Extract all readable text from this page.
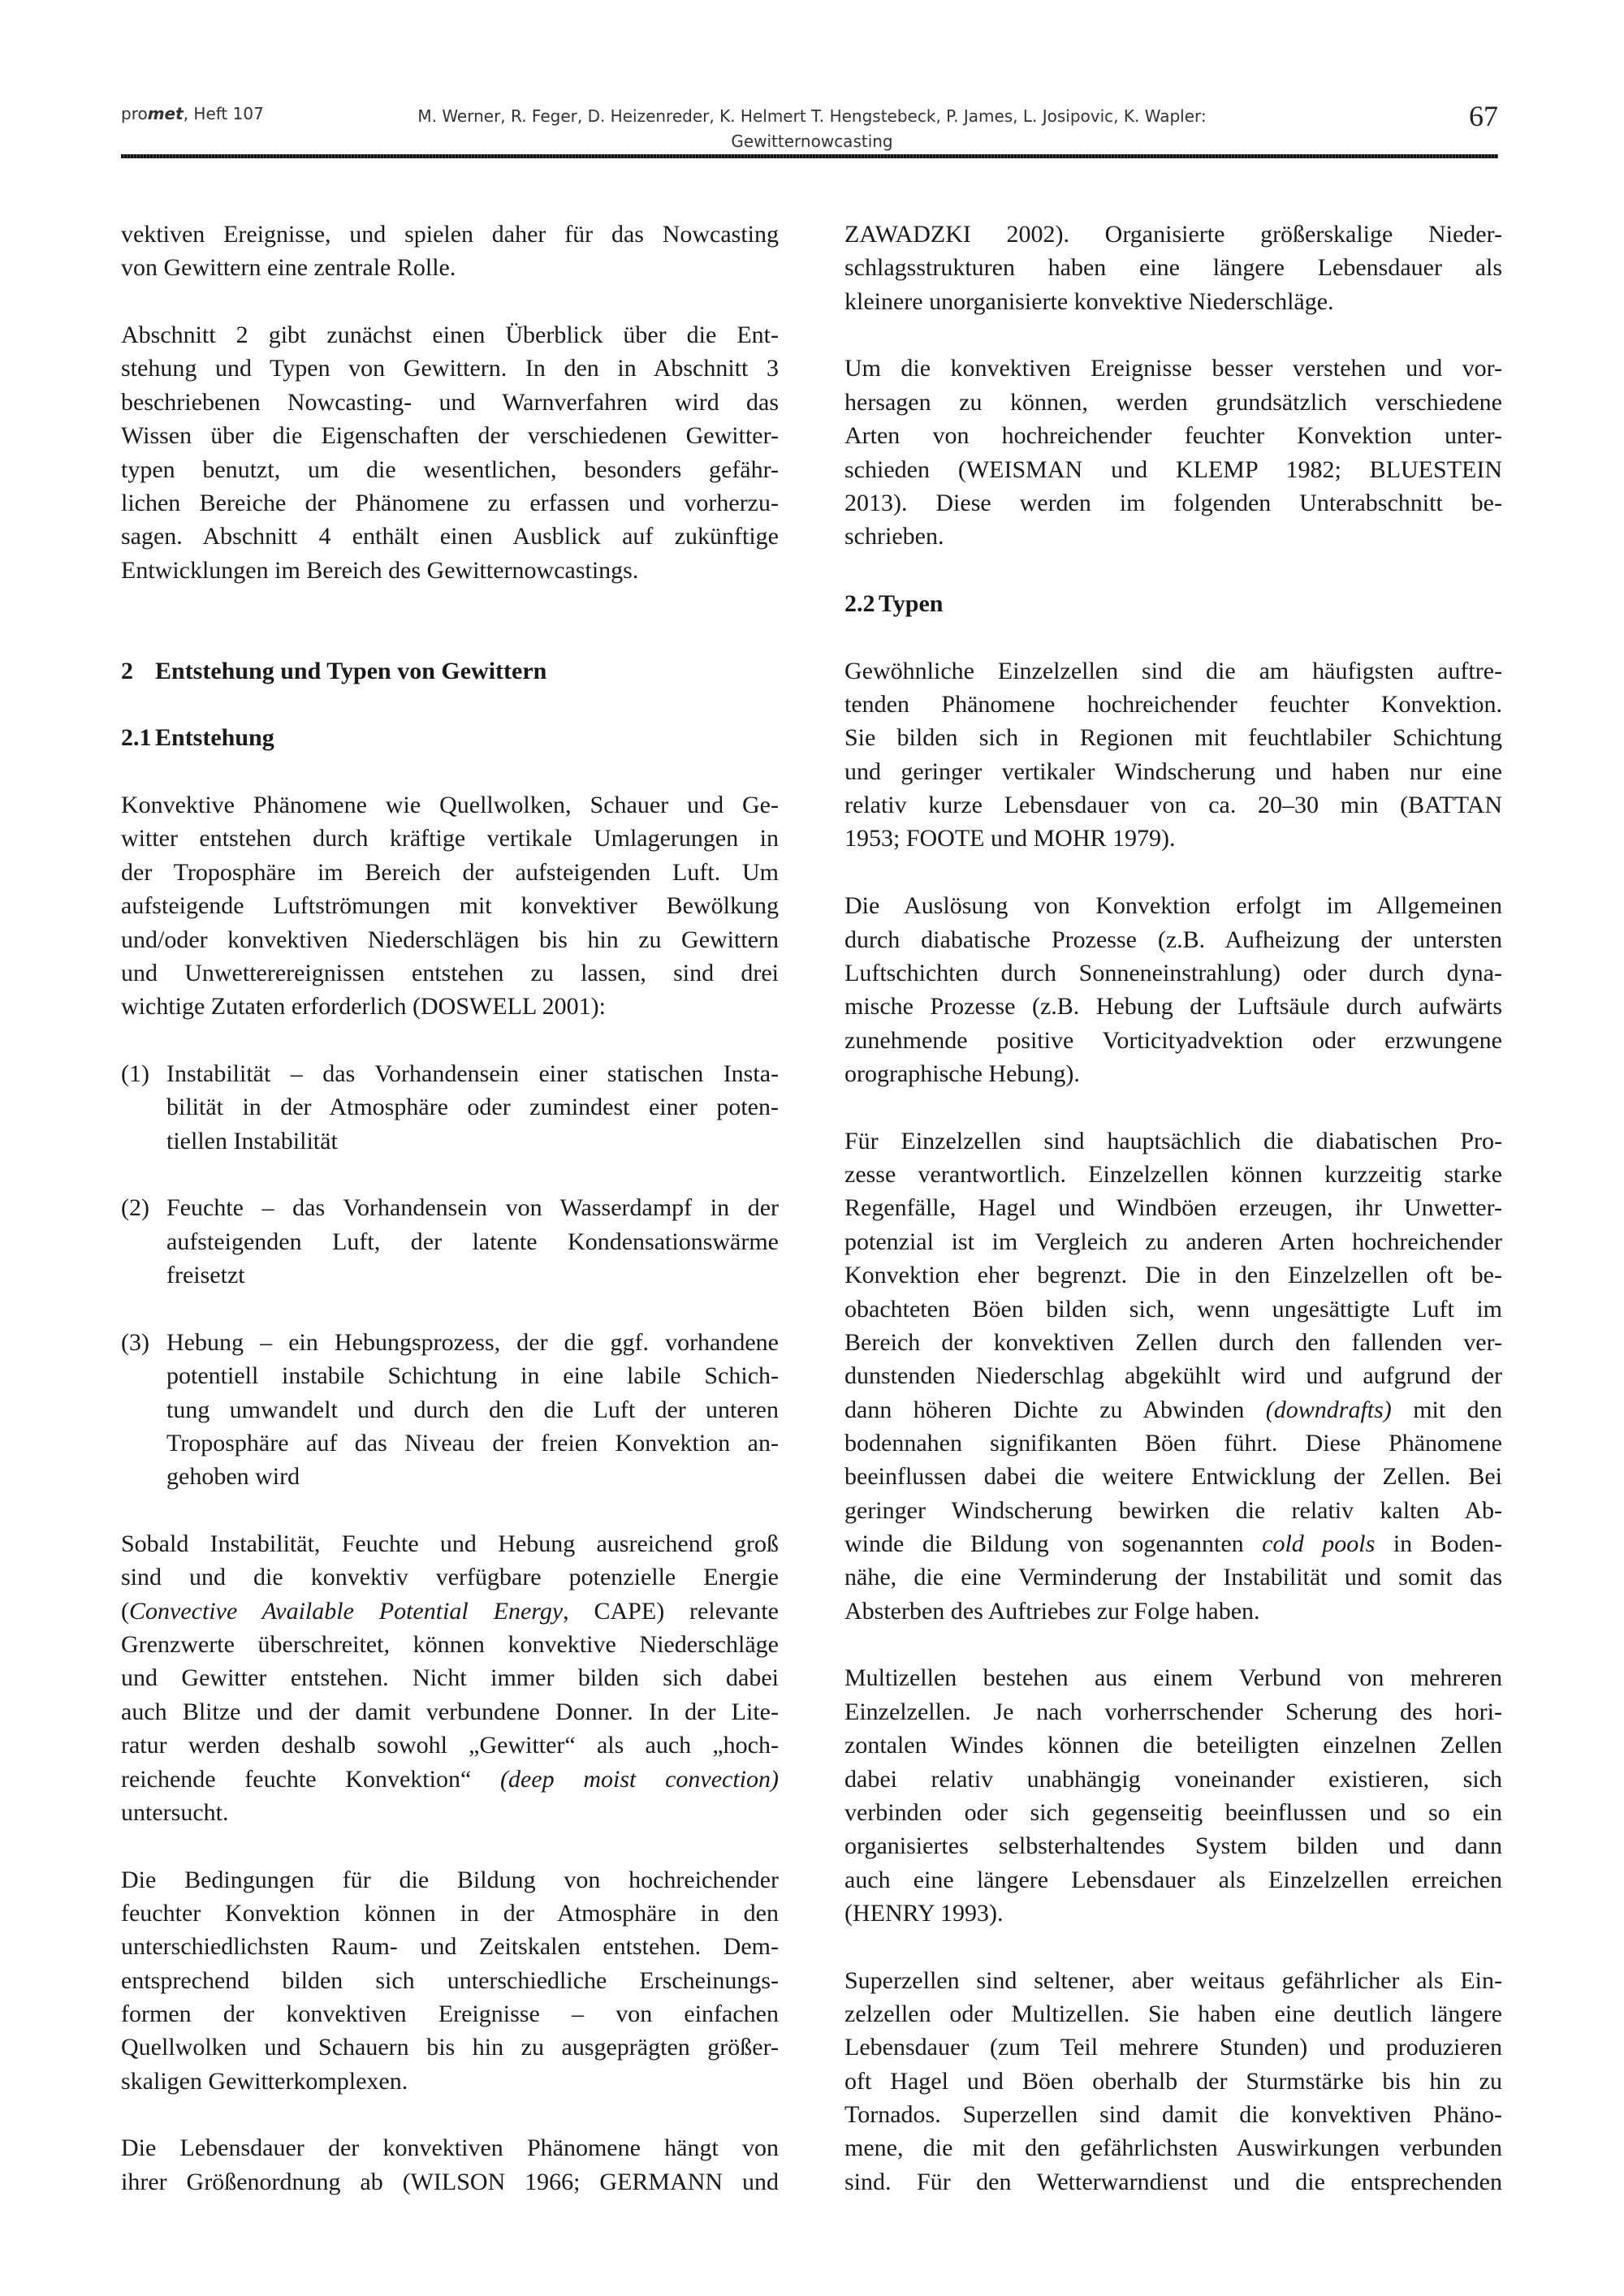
promet, Heft 107	M. Werner, R. Feger, D. Heizenreder, K. Helmert T. Hengstebeck, P. James, L. Josipovic, K. Wapler:
Gewitternowcasting
67
vektiven Ereignisse, und spielen daher für das Nowcasting
von Gewittern eine zentrale Rolle.
Abschnitt 2 gibt zunächst einen Überblick über die Ent-
stehung und Typen von Gewittern. In den in Abschnitt 3
beschriebenen Nowcasting- und Warnverfahren wird das
Wissen über die Eigenschaften der verschiedenen Gewitter-
typen benutzt, um die wesentlichen, besonders gefähr-
lichen Bereiche der Phänomene zu erfassen und vorherzu-
sagen. Abschnitt 4 enthält einen Ausblick auf zukünftige
Entwicklungen im Bereich des Gewitternowcastings.
2 Entstehung und Typen von Gewittern
2.1 Entstehung
Konvektive Phänomene wie Quellwolken, Schauer und Ge-
witter entstehen durch kräftige vertikale Umlagerungen in
der Troposphäre im Bereich der aufsteigenden Luft. Um
aufsteigende Luftströmungen mit konvektiver Bewölkung
und/oder konvektiven Niederschlägen bis hin zu Gewittern
und Unwetterereignissen entstehen zu lassen, sind drei
wichtige Zutaten erforderlich (DOSWELL 2001):
(1) Instabilität – das Vorhandensein einer statischen Insta-
bilität in der Atmosphäre oder zumindest einer poten-
tiellen Instabilität
(2) Feuchte – das Vorhandensein von Wasserdampf in der
aufsteigenden Luft, der latente Kondensationswärme
freisetzt
(3) Hebung – ein Hebungsprozess, der die ggf. vorhandene
potentiell instabile Schichtung in eine labile Schich-
tung umwandelt und durch den die Luft der unteren
Troposphäre auf das Niveau der freien Konvektion an-
gehoben wird
Sobald Instabilität, Feuchte und Hebung ausreichend groß
sind und die konvektiv verfügbare potenzielle Energie
(Convective Available Potential Energy, CAPE) relevante
Grenzwerte überschreitet, können konvektive Niederschläge
und Gewitter entstehen. Nicht immer bilden sich dabei
auch Blitze und der damit verbundene Donner. In der Lite-
ratur werden deshalb sowohl „Gewitter“ als auch „hoch-
reichende feuchte Konvektion“ (deep moist convection)
untersucht.
Die Bedingungen für die Bildung von hochreichender
feuchter Konvektion können in der Atmosphäre in den
unterschiedlichsten Raum- und Zeitskalen entstehen. Dem-
entsprechend bilden sich unterschiedliche Erscheinungs-
formen der konvektiven Ereignisse – von einfachen
Quellwolken und Schauern bis hin zu ausgeprägten größer-
skaligen Gewitterkomplexen.
Die Lebensdauer der konvektiven Phänomene hängt von
ihrer Größenordnung ab (WILSON 1966; GERMANN und
ZAWADZKI 2002). Organisierte größerskalige Nieder-
schlagsstrukturen haben eine längere Lebensdauer als
kleinere unorganisierte konvektive Niederschläge.
Um die konvektiven Ereignisse besser verstehen und vor-
hersagen zu können, werden grundsätzlich verschiedene
Arten von hochreichender feuchter Konvektion unter-
schieden (WEISMAN und KLEMP 1982; BLUESTEIN
2013). Diese werden im folgenden Unterabschnitt be-
schrieben.
2.2 Typen
Gewöhnliche Einzelzellen sind die am häufigsten auftre-
tenden Phänomene hochreichender feuchter Konvektion.
Sie bilden sich in Regionen mit feuchtlabiler Schichtung
und geringer vertikaler Windscherung und haben nur eine
relativ kurze Lebensdauer von ca. 20–30 min (BATTAN
1953; FOOTE und MOHR 1979).
Die Auslösung von Konvektion erfolgt im Allgemeinen
durch diabatische Prozesse (z.B. Aufheizung der untersten
Luftschichten durch Sonneneinstrahlung) oder durch dyna-
mische Prozesse (z.B. Hebung der Luftsäule durch aufwärts
zunehmende positive Vorticityadvektion oder erzwungene
orographische Hebung).
Für Einzelzellen sind hauptsächlich die diabatischen Pro-
zesse verantwortlich. Einzelzellen können kurzzeitig starke
Regenfälle, Hagel und Windböen erzeugen, ihr Unwetter-
potenzial ist im Vergleich zu anderen Arten hochreichender
Konvektion eher begrenzt. Die in den Einzelzellen oft be-
obachteten Böen bilden sich, wenn ungesättigte Luft im
Bereich der konvektiven Zellen durch den fallenden ver-
dunstenden Niederschlag abgekühlt wird und aufgrund der
dann höheren Dichte zu Abwinden (downdrafts) mit den
bodennahen signifikanten Böen führt. Diese Phänomene
beeinflussen dabei die weitere Entwicklung der Zellen. Bei
geringer Windscherung bewirken die relativ kalten Ab-
winde die Bildung von sogenannten cold pools in Boden-
nähe, die eine Verminderung der Instabilität und somit das
Absterben des Auftriebes zur Folge haben.
Multizellen bestehen aus einem Verbund von mehreren
Einzelzellen. Je nach vorherrschender Scherung des hori-
zontalen Windes können die beteiligten einzelnen Zellen
dabei relativ unabhängig voneinander existieren, sich
verbinden oder sich gegenseitig beeinflussen und so ein
organisiertes selbsterhaltendes System bilden und dann
auch eine längere Lebensdauer als Einzelzellen erreichen
(HENRY 1993).
Superzellen sind seltener, aber weitaus gefährlicher als Ein-
zelzellen oder Multizellen. Sie haben eine deutlich längere
Lebensdauer (zum Teil mehrere Stunden) und produzieren
oft Hagel und Böen oberhalb der Sturmstärke bis hin zu
Tornados. Superzellen sind damit die konvektiven Phäno-
mene, die mit den gefährlichsten Auswirkungen verbunden
sind. Für den Wetterwarndienst und die entsprechenden
